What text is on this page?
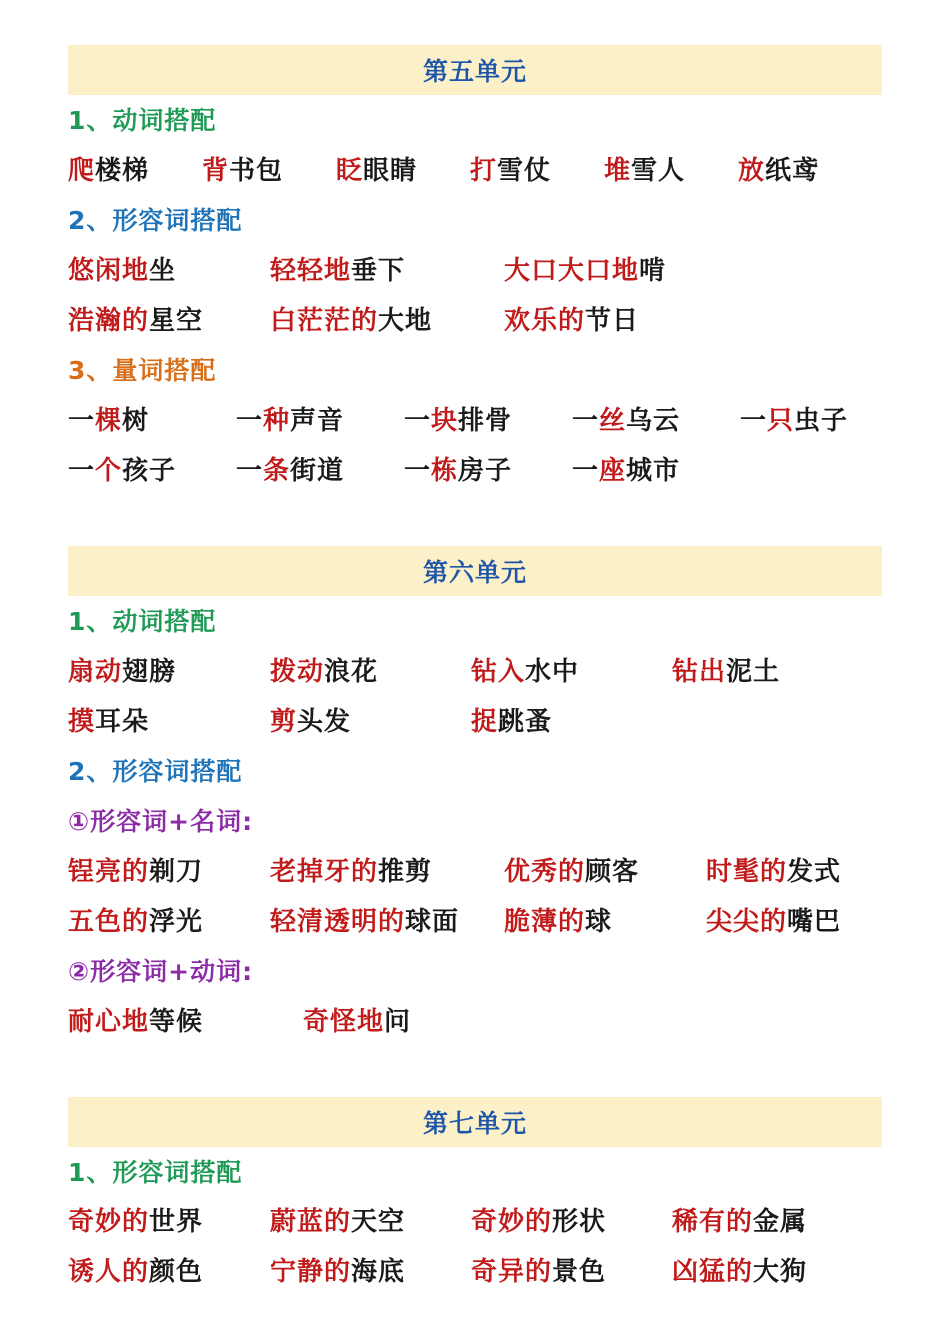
第五单元
1、动词搭配
爬楼梯 背书包 眨眼睛 打雪仗 堆雪人 放纸鸢
2、形容词搭配
悠闲地坐	轻轻地垂下	大口大口地啃
浩瀚的星空	白茫茫的大地	欢乐的节日
3、量词搭配
一棵树	一种声音 一块排骨 一丝乌云 一只虫子
一个孩子 一条街道 一栋房子 一座城市
第六单元
1、动词搭配
扇动翅膀	拨动浪花	钻入水中	钻出泥土
摸耳朵	剪头发	捉跳蚤
2、形容词搭配
①形容词+名词:
锃亮的剃刀	老掉牙的推剪	优秀的顾客	时髦的发式
五色的浮光	轻清透明的球面 脆薄的球	尖尖的嘴巴
②形容词+动词:
耐心地等候	奇怪地问
第七单元
1、形容词搭配
奇妙的世界	蔚蓝的天空	奇妙的形状	稀有的金属
诱人的颜色	宁静的海底	奇异的景色	凶猛的大狗
